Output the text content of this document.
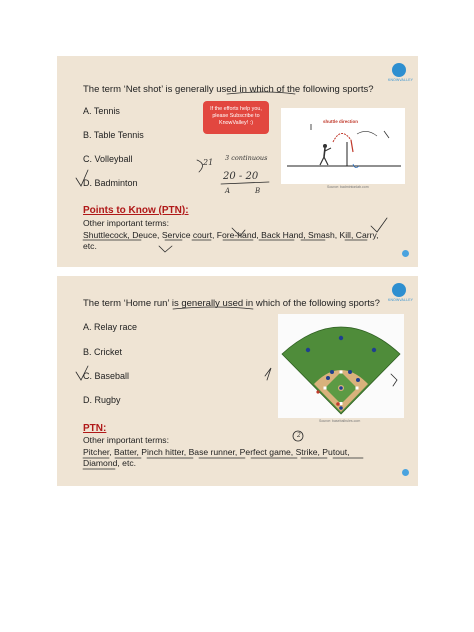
KNOWVALLEY
The term ‘Net shot’ is generally used in which of the following sports?
A. Tennis
B. Table Tennis
C. Volleyball
D. Badminton
If the efforts help you,
please Subscribe to
KnowValley! :)	shuttle direction
Source: badmintonlab.com
21 3 continuous
20 - 20
A	B
Points to Know (PTN):
Other important terms:
Shuttlecock, Deuce, Service court, Fore-hand, Back Hand, Smash, Kill, Carry, etc.
KNOWVALLEY
The term ‘Home run’ is generally used in which of the following sports?
A. Relay race
B. Cricket
C. Baseball
D. Rugby
Source: baseballrules.com
PTN:
2
Other important terms:
Pitcher, Batter, Pinch hitter, Base runner, Perfect game, Strike, Putout, Diamond, etc.
